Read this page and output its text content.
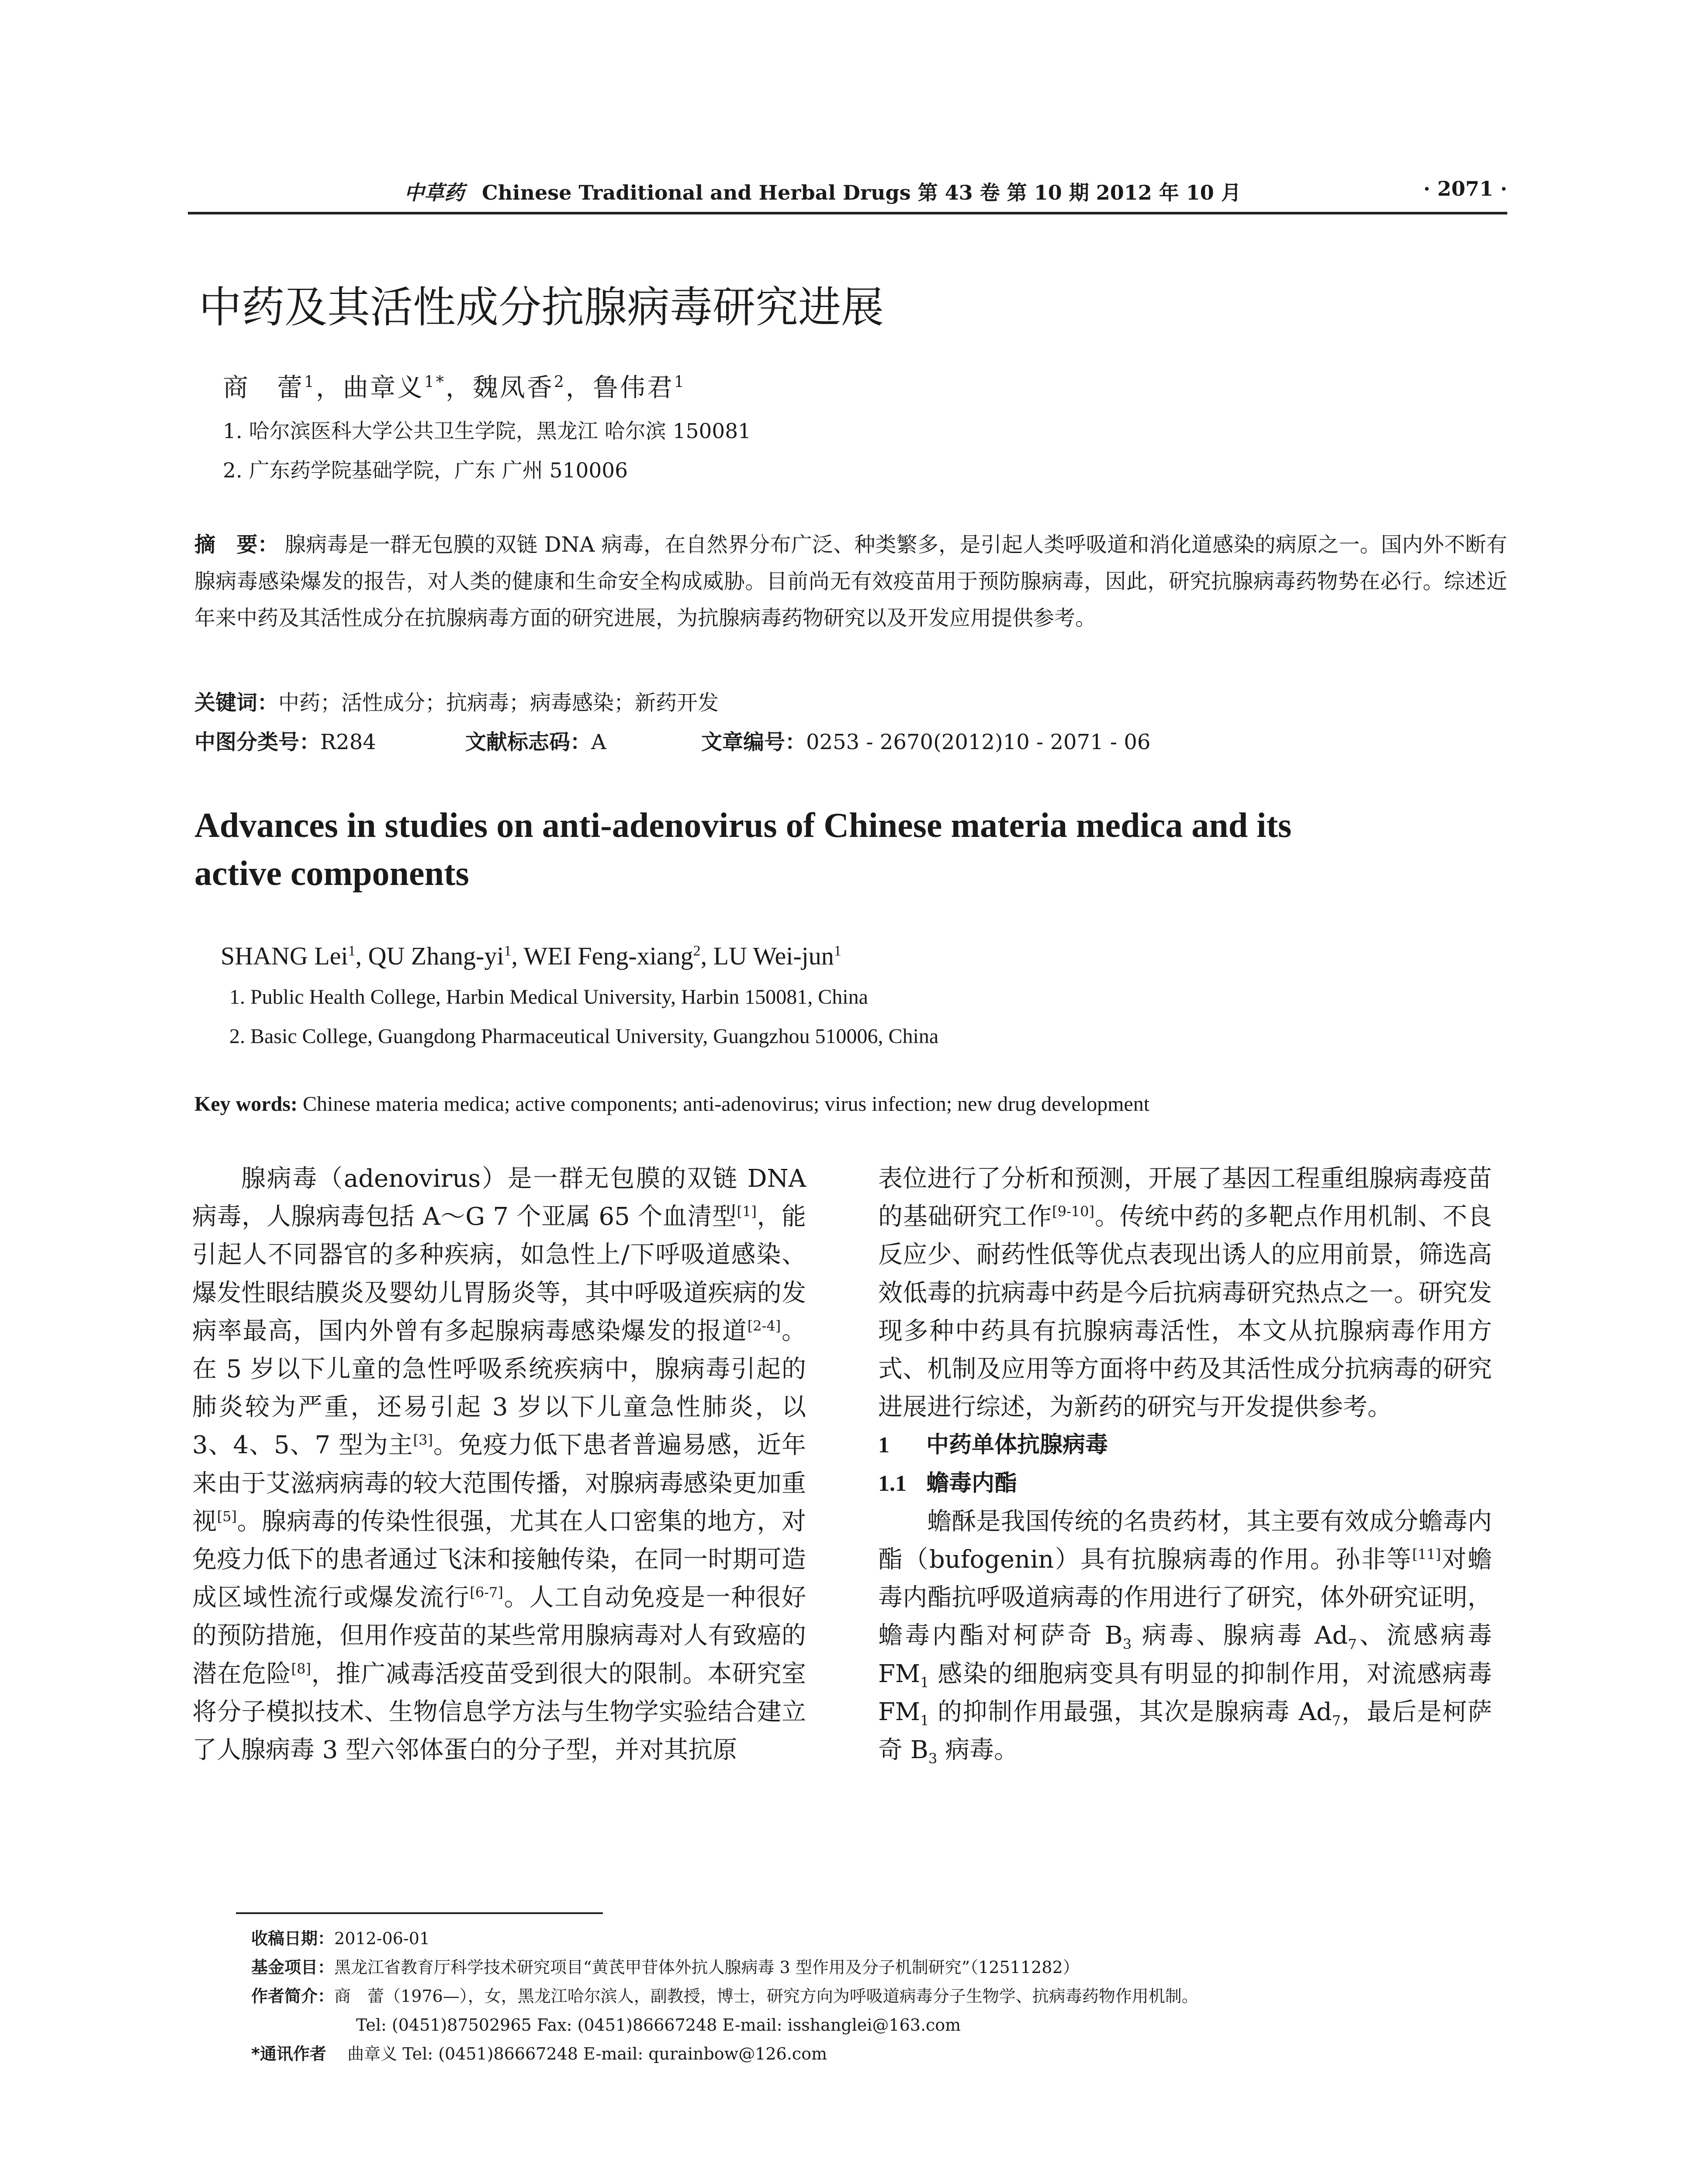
中草药 Chinese Traditional and Herbal Drugs 第 43 卷 第 10 期 2012 年 10 月	· 2071 ·
中药及其活性成分抗腺病毒研究进展
商　蕾$^1$，曲章义$^{1*}$，魏凤香$^2$，鲁伟君$^1$
1. 哈尔滨医科大学公共卫生学院，黑龙江 哈尔滨 150081
2. 广东药学院基础学院，广东 广州 510006
摘　要： 腺病毒是一群无包膜的双链 DNA 病毒，在自然界分布广泛、种类繁多，是引起人类呼吸道和消化道感染的病原之一。国内外不断有腺病毒感染爆发的报告，对人类的健康和生命安全构成威胁。目前尚无有效疫苗用于预防腺病毒，因此，研究抗腺病毒药物势在必行。综述近年来中药及其活性成分在抗腺病毒方面的研究进展，为抗腺病毒药物研究以及开发应用提供参考。
关键词：中药；活性成分；抗病毒；病毒感染；新药开发
中图分类号：R284	文献标志码：A	文章编号：0253 - 2670(2012)10 - 2071 - 06
Advances in studies on anti-adenovirus of Chinese materia medica and its active components
SHANG Lei$^1$, QU Zhang-$yi^1$, WEI Feng-xiang$^2$, LU Wei-jun$^1$
1. Public Health College, Harbin Medical University, Harbin 150081, China
2. Basic College, Guangdong Pharmaceutical University, Guangzhou 510006, China
Key words: Chinese materia medica; active components; anti-adenovirus; virus infection; new drug development

腺病毒（adenovirus）是一群无包膜的双链 DNA 病毒，人腺病毒包括 A～G 7 个亚属 65 个血清型[1]，能引起人不同器官的多种疾病，如急性上/下呼吸道感染、爆发性眼结膜炎及婴幼儿胃肠炎等，其中呼吸道疾病的发病率最高，国内外曾有多起腺病毒感染爆发的报道[2-4]。在 5 岁以下儿童的急性呼吸系统疾病中，腺病毒引起的肺炎较为严重，还易引起 3 岁以下儿童急性肺炎，以 3、4、5、7 型为主[3]。免疫力低下患者普遍易感，近年来由于艾滋病病毒的较大范围传播，对腺病毒感染更加重视[5]。腺病毒的传染性很强，尤其在人口密集的地方，对免疫力低下的患者通过飞沫和接触传染，在同一时期可造成区域性流行或爆发流行[6-7]。人工自动免疫是一种很好的预防措施，但用作疫苗的某些常用腺病毒对人有致癌的潜在危险[8]，推广减毒活疫苗受到很大的限制。本研究室将分子模拟技术、生物信息学方法与生物学实验结合建立了人腺病毒 3 型六邻体蛋白的分子型，并对其抗原

表位进行了分析和预测，开展了基因工程重组腺病毒疫苗的基础研究工作[9-10]。传统中药的多靶点作用机制、不良反应少、耐药性低等优点表现出诱人的应用前景，筛选高效低毒的抗病毒中药是今后抗病毒研究热点之一。研究发现多种中药具有抗腺病毒活性，本文从抗腺病毒作用方式、机制及应用等方面将中药及其活性成分抗病毒的研究进展进行综述，为新药的研究与开发提供参考。

1 中药单体抗腺病毒
1.1 蟾毒内酯

蟾酥是我国传统的名贵药材，其主要有效成分蟾毒内酯（bufogenin）具有抗腺病毒的作用。孙非等[11]对蟾毒内酯抗呼吸道病毒的作用进行了研究，体外研究证明，蟾毒内酯对柯萨奇 $B_3$ 病毒、腺病毒 $Ad_7$、流感病毒 $FM_1$ 感染的细胞病变具有明显的抑制作用，对流感病毒 $FM_1$ 的抑制作用最强，其次是腺病毒 $Ad_7$，最后是柯萨奇 $B_3$ 病毒。

收稿日期：2012-06-01
基金项目：黑龙江省教育厅科学技术研究项目“黄芪甲苷体外抗人腺病毒 3 型作用及分子机制研究”（12511282）
作者简介：商　蕾（1976—），女，黑龙江哈尔滨人，副教授，博士，研究方向为呼吸道病毒分子生物学、抗病毒药物作用机制。
Tel: (0451)87502965 Fax: (0451)86667248 E-mail: isshanglei@163.com
*通讯作者 曲章义 Tel: (0451)86667248 E-mail: qurainbow@126.com
